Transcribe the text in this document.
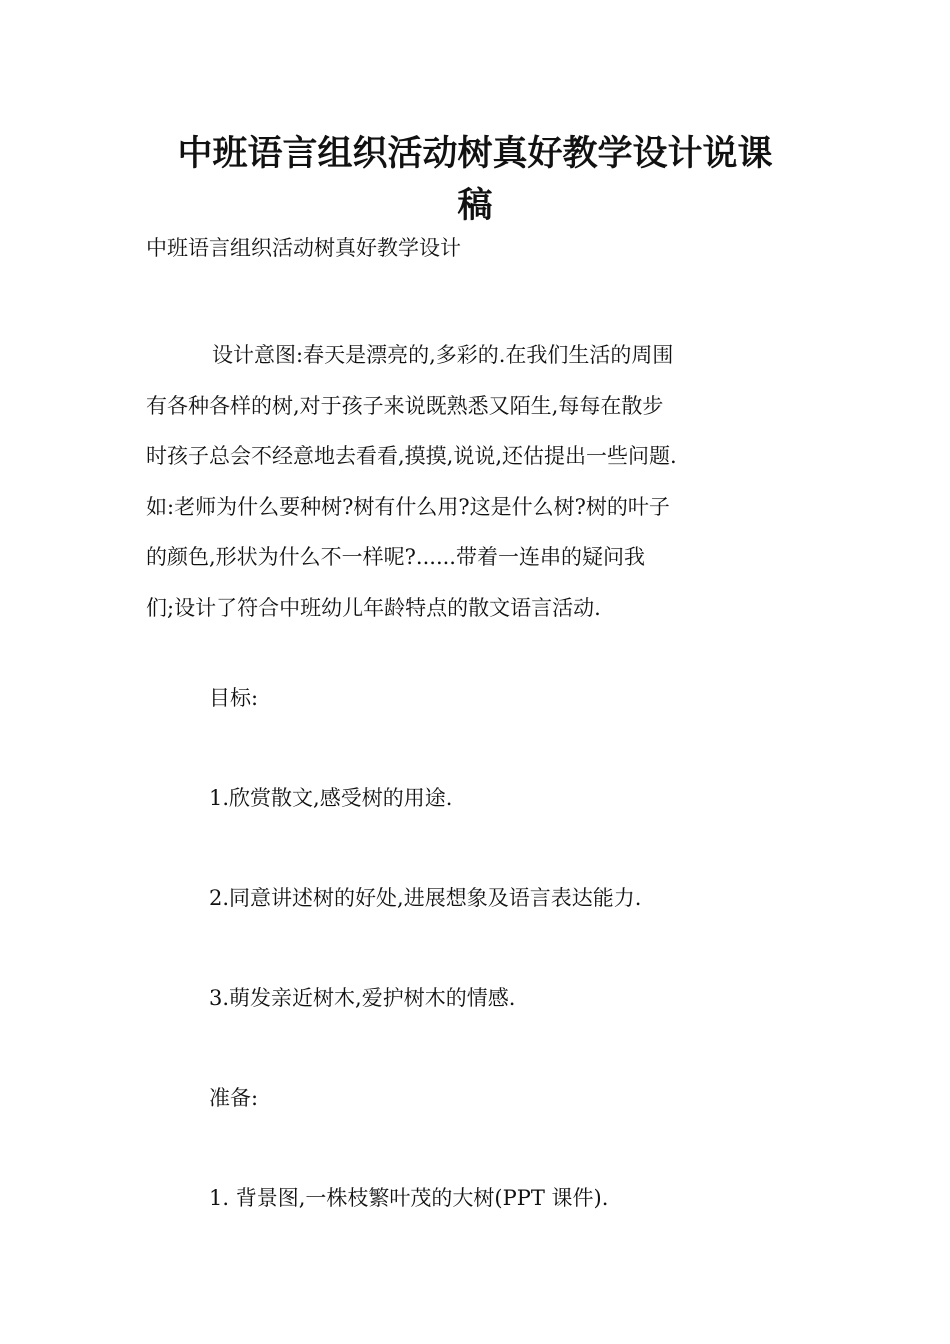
中班语言组织活动树真好教学设计说课
稿

中班语言组织活动树真好教学设计

设计意图:春天是漂亮的,多彩的.在我们生活的周围
有各种各样的树,对于孩子来说既熟悉又陌生,每每在散步
时孩子总会不经意地去看看,摸摸,说说,还估提出一些问题.
如:老师为什么要种树?树有什么用?这是什么树?树的叶子
的颜色,形状为什么不一样呢?......带着一连串的疑问我
们;设计了符合中班幼儿年龄特点的散文语言活动.

目标:

1.欣赏散文,感受树的用途.

2.同意讲述树的好处,进展想象及语言表达能力.

3.萌发亲近树木,爱护树木的情感.

准备:

1. 背景图,一株枝繁叶茂的大树(PPT 课件).
